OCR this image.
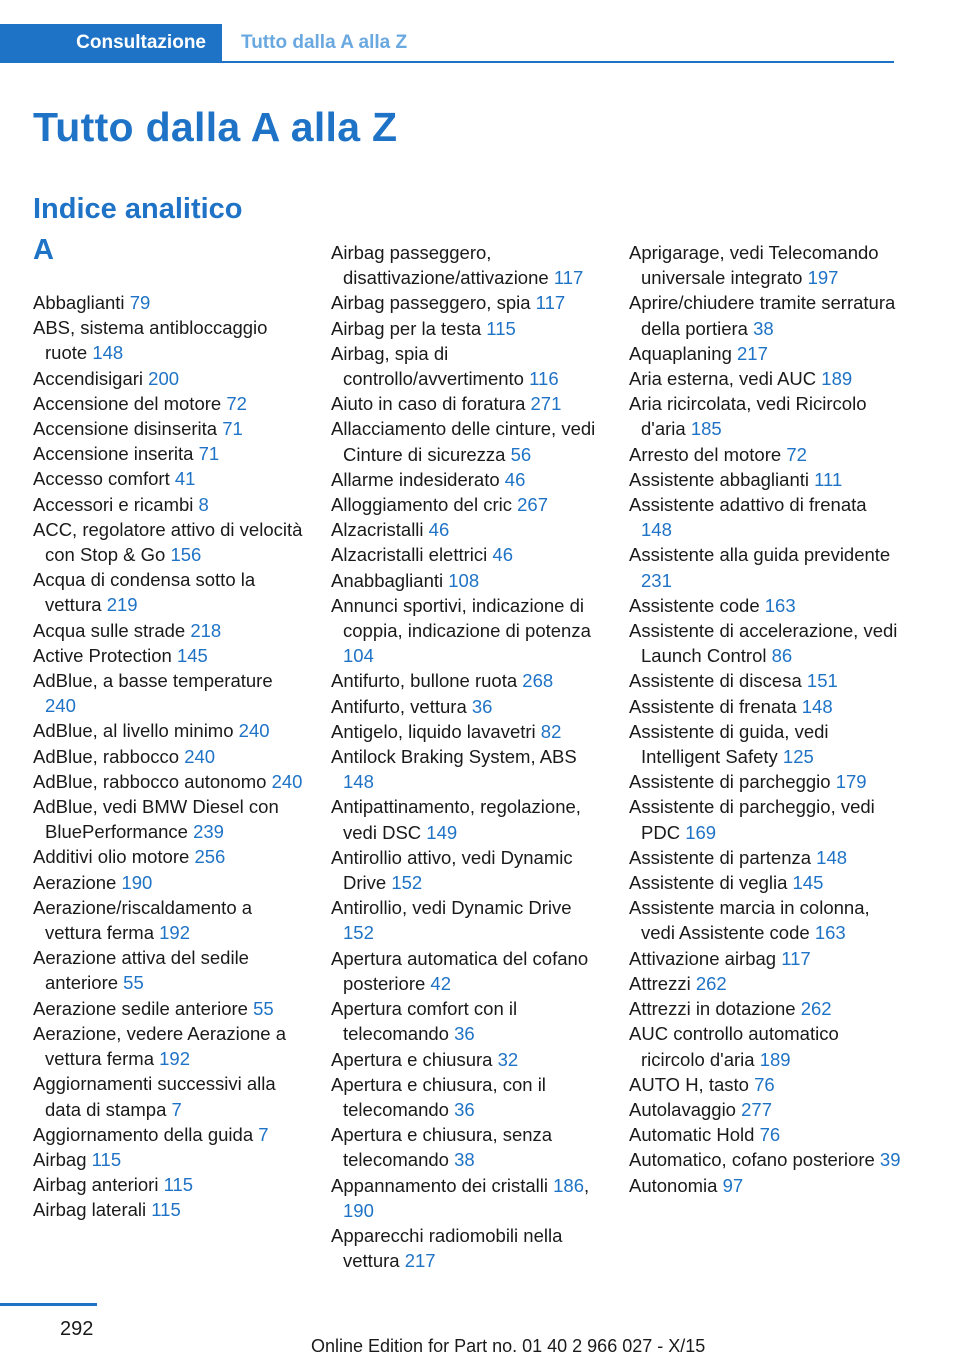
Consultazione Tutto dalla A alla Z
Tutto dalla A alla Z
Indice analitico
A
Abbaglianti 79
ABS, sistema antibloccaggio ruote 148
Accendisigari 200
Accensione del motore 72
Accensione disinserita 71
Accensione inserita 71
Accesso comfort 41
Accessori e ricambi 8
ACC, regolatore attivo di velocità con Stop & Go 156
Acqua di condensa sotto la vettura 219
Acqua sulle strade 218
Active Protection 145
AdBlue, a basse temperature 240
AdBlue, al livello minimo 240
AdBlue, rabbocco 240
AdBlue, rabbocco autonomo 240
AdBlue, vedi BMW Diesel con BluePerformance 239
Additivi olio motore 256
Aerazione 190
Aerazione/riscaldamento a vettura ferma 192
Aerazione attiva del sedile anteriore 55
Aerazione sedile anteriore 55
Aerazione, vedere Aerazione a vettura ferma 192
Aggiornamenti successivi alla data di stampa 7
Aggiornamento della guida 7
Airbag 115
Airbag anteriori 115
Airbag laterali 115
Airbag passeggero, disattivazione/attivazione 117
Airbag passeggero, spia 117
Airbag per la testa 115
Airbag, spia di controllo/avvertimento 116
Aiuto in caso di foratura 271
Allacciamento delle cinture, vedi Cinture di sicurezza 56
Allarme indesiderato 46
Alloggiamento del cric 267
Alzacristalli 46
Alzacristalli elettrici 46
Anabbaglianti 108
Annunci sportivi, indicazione di coppia, indicazione di potenza 104
Antifurto, bullone ruota 268
Antifurto, vettura 36
Antigelo, liquido lavavetri 82
Antilock Braking System, ABS 148
Antipattinamento, regolazione, vedi DSC 149
Antirollio attivo, vedi Dynamic Drive 152
Antirollio, vedi Dynamic Drive 152
Apertura automatica del cofano posteriore 42
Apertura comfort con il telecomando 36
Apertura e chiusura 32
Apertura e chiusura, con il telecomando 36
Apertura e chiusura, senza telecomando 38
Appannamento dei cristalli 186, 190
Apparecchi radiomobili nella vettura 217
Aprigarage, vedi Telecomando universale integrato 197
Aprire/chiudere tramite serratura della portiera 38
Aquaplaning 217
Aria esterna, vedi AUC 189
Aria ricircolata, vedi Ricircolo d'aria 185
Arresto del motore 72
Assistente abbaglianti 111
Assistente adattivo di frenata 148
Assistente alla guida previdente 231
Assistente code 163
Assistente di accelerazione, vedi Launch Control 86
Assistente di discesa 151
Assistente di frenata 148
Assistente di guida, vedi Intelligent Safety 125
Assistente di parcheggio 179
Assistente di parcheggio, vedi PDC 169
Assistente di partenza 148
Assistente di veglia 145
Assistente marcia in colonna, vedi Assistente code 163
Attivazione airbag 117
Attrezzi 262
Attrezzi in dotazione 262
AUC controllo automatico ricircolo d'aria 189
AUTO H, tasto 76
Autolavaggio 277
Automatic Hold 76
Automatico, cofano posteriore 39
Autonomia 97
292
Online Edition for Part no. 01 40 2 966 027 - X/15
